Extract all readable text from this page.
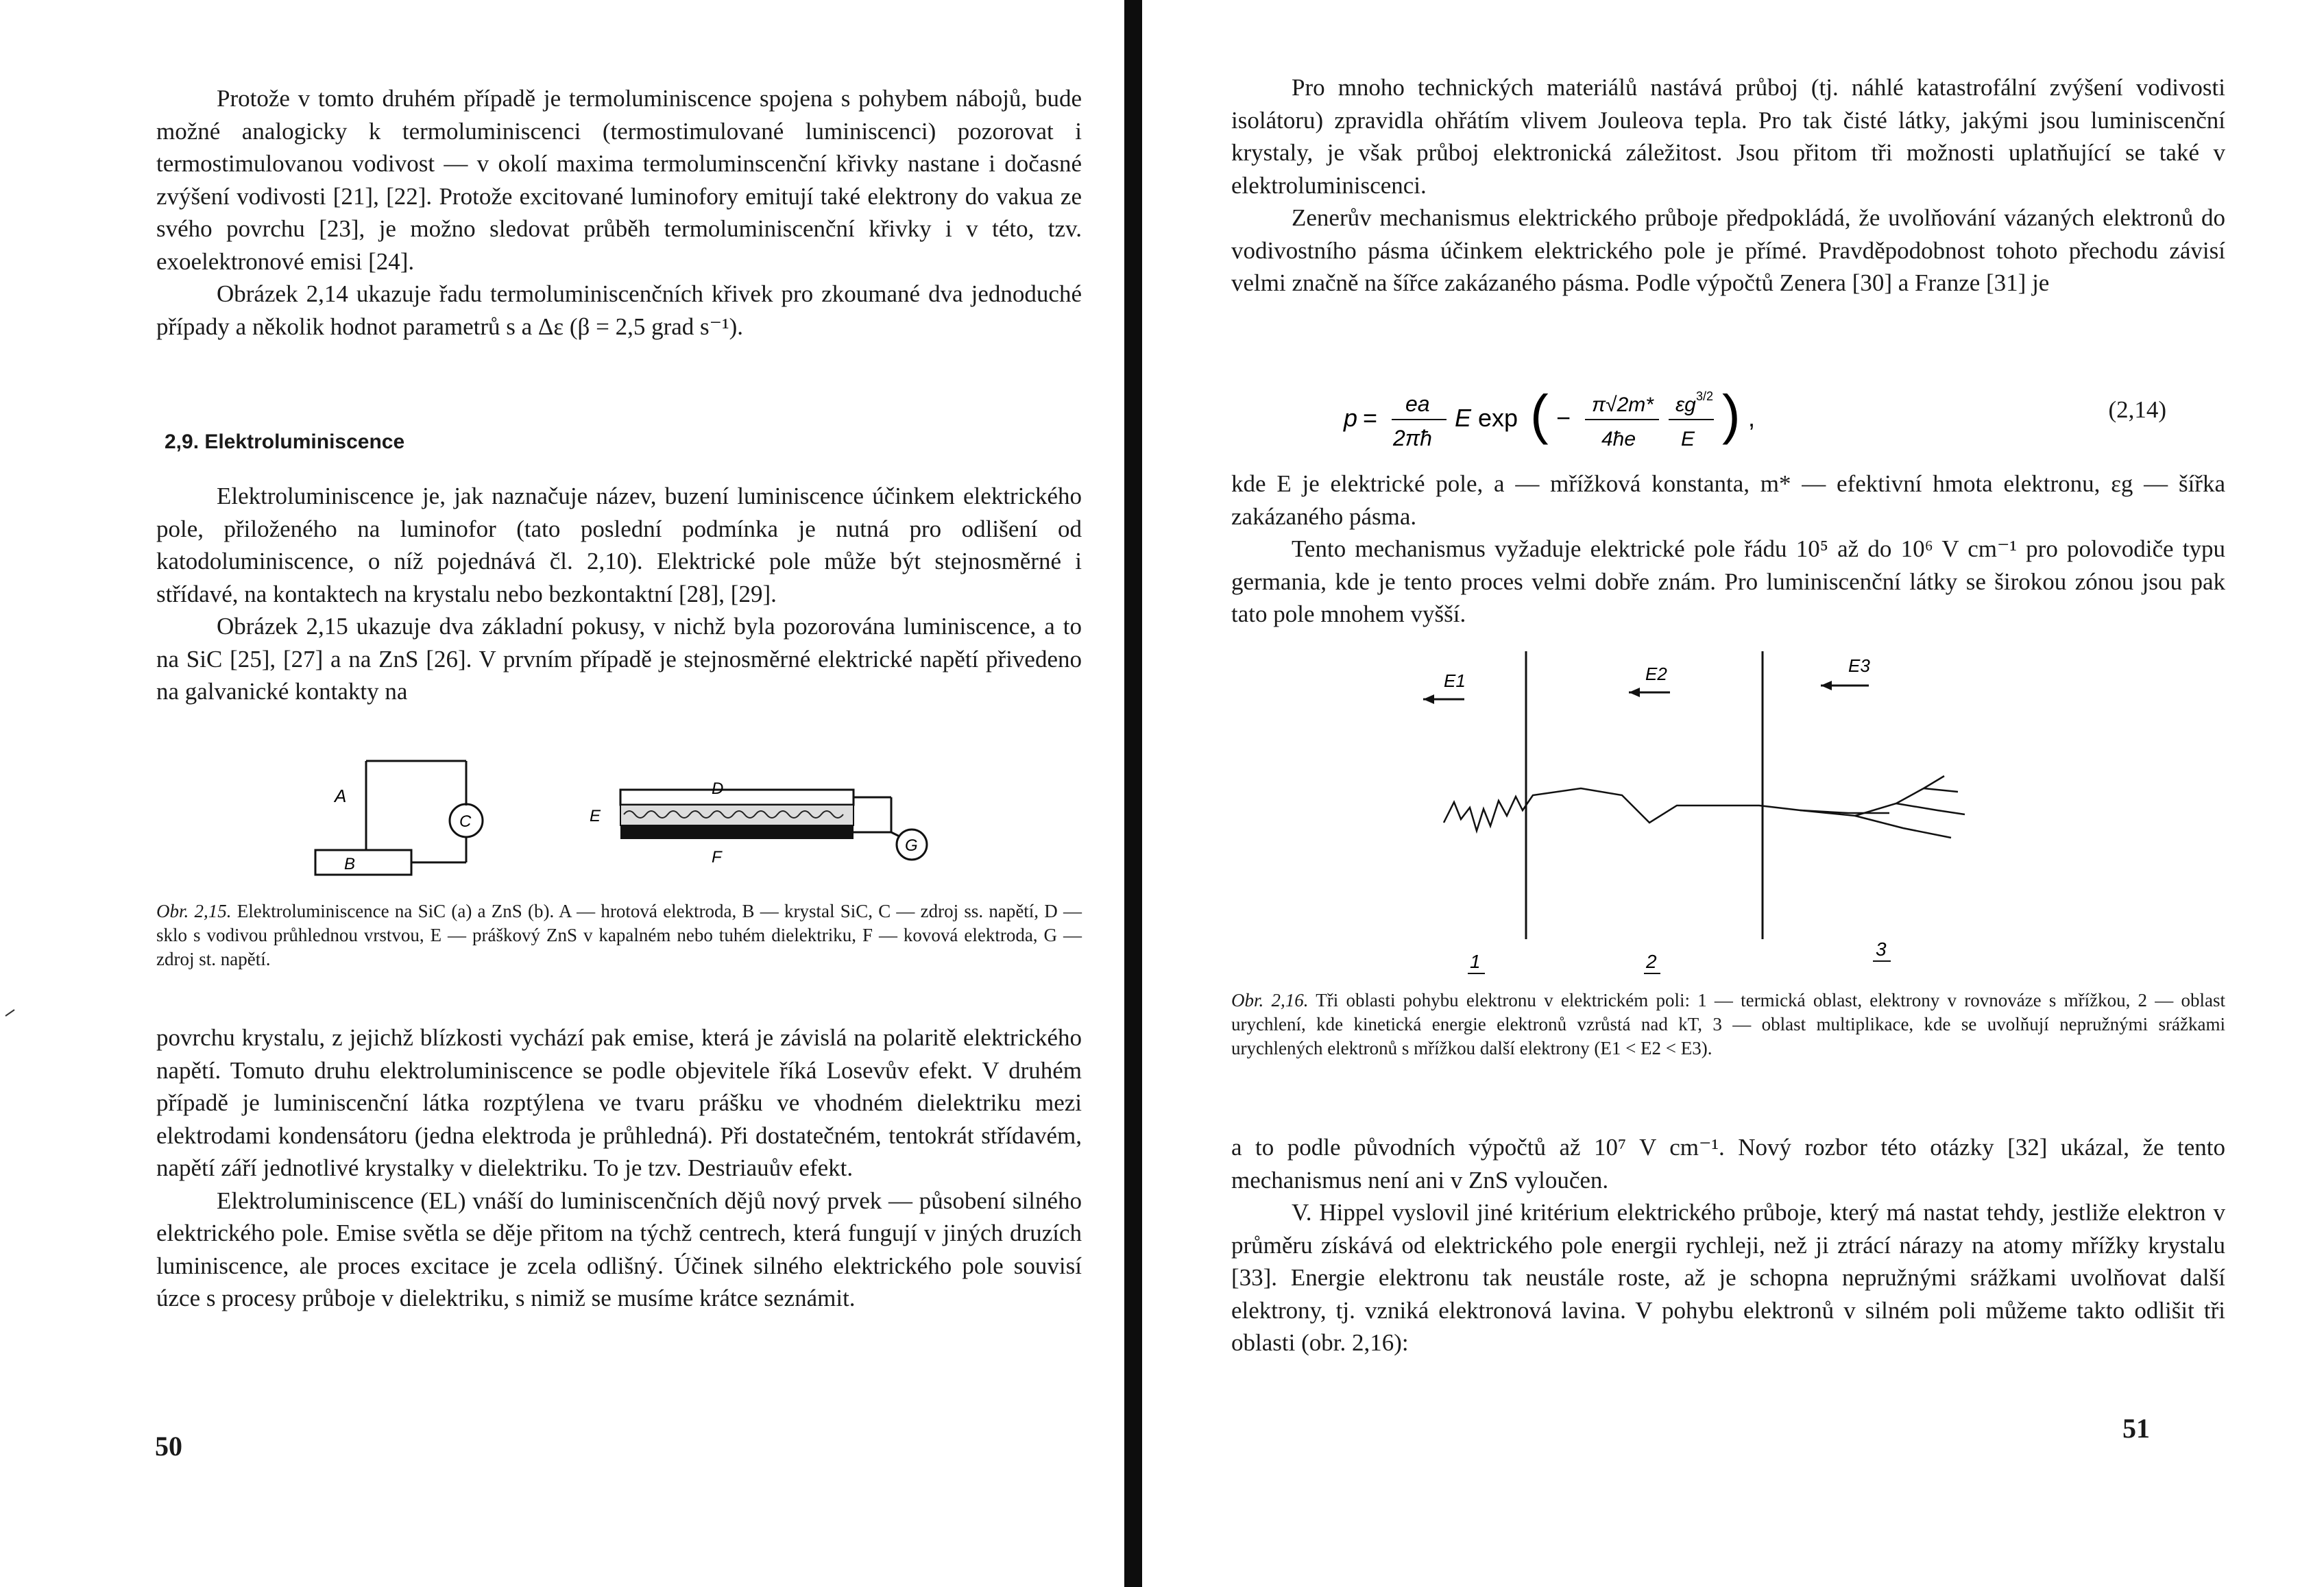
Protože v tomto druhém případě je termoluminiscence spojena s pohybem nábojů, bude možné analogicky k termoluminiscenci (termostimulované luminiscenci) pozorovat i termostimulovanou vodivost — v okolí maxima termoluminscenční křivky nastane i dočasné zvýšení vodivosti [21], [22]. Protože excitované luminofory emitují také elektrony do vakua ze svého povrchu [23], je možno sledovat průběh termoluminiscenční křivky i v této, tzv. exoelektronové emisi [24].

Obrázek 2,14 ukazuje řadu termoluminiscenčních křivek pro zkoumané dva jednoduché případy a několik hodnot parametrů s a Δε (β = 2,5 grad s⁻¹).

2,9. Elektroluminiscence

Elektroluminiscence je, jak naznačuje název, buzení luminiscence účinkem elektrického pole, přiloženého na luminofor (tato poslední podmínka je nutná pro odlišení od katodoluminiscence, o níž pojednává čl. 2,10). Elektrické pole může být stejnosměrné i střídavé, na kontaktech na krystalu nebo bezkontaktní [28], [29].

Obrázek 2,15 ukazuje dva základní pokusy, v nichž byla pozorována luminiscence, a to na SiC [25], [27] a na ZnS [26]. V prvním případě je stejnosměrné elektrické napětí přivedeno na galvanické kontakty na

A
B
C
D
E
F
G

Obr. 2,15. Elektroluminiscence na SiC (a) a ZnS (b). A — hrotová elektroda, B — krystal SiC, C — zdroj ss. napětí, D — sklo s vodivou průhlednou vrstvou, E — práškový ZnS v kapalném nebo tuhém dielektriku, F — kovová elektroda, G — zdroj st. napětí.

povrchu krystalu, z jejichž blízkosti vychází pak emise, která je závislá na polaritě elektrického napětí. Tomuto druhu elektroluminiscence se podle objevitele říká Losevův efekt. V druhém případě je luminiscenční látka rozptýlena ve tvaru prášku ve vhodném dielektriku mezi elektrodami kondensátoru (jedna elektroda je průhledná). Při dostatečném, tentokrát střídavém, napětí září jednotlivé krystalky v dielektriku. To je tzv. Destriauův efekt.

Elektroluminiscence (EL) vnáší do luminiscenčních dějů nový prvek — působení silného elektrického pole. Emise světla se děje přitom na týchž centrech, která fungují v jiných druzích luminiscence, ale proces excitace je zcela odlišný. Účinek silného elektrického pole souvisí úzce s procesy průboje v dielektriku, s nimiž se musíme krátce seznámit.

50

Pro mnoho technických materiálů nastává průboj (tj. náhlé katastrofální zvýšení vodivosti isolátoru) zpravidla ohřátím vlivem Jouleova tepla. Pro tak čisté látky, jakými jsou luminiscenční krystaly, je však průboj elektronická záležitost. Jsou přitom tři možnosti uplatňující se také v elektroluminiscenci.

Zenerův mechanismus elektrického průboje předpokládá, že uvolňování vázaných elektronů do vodivostního pásma účinkem elektrického pole je přímé. Pravděpodobnost tohoto přechodu závisí velmi značně na šířce zakázaného pásma. Podle výpočtů Zenera [30] a Franze [31] je

p = ea
2πħ
E exp ( − π√2m*
4ħe
εg 3/2
E ) ,	(2,14)

kde E je elektrické pole, a — mřížková konstanta, m* — efektivní hmota elektronu, εg — šířka zakázaného pásma.

Tento mechanismus vyžaduje elektrické pole řádu 10⁵ až do 10⁶ V cm⁻¹ pro polovodiče typu germania, kde je tento proces velmi dobře znám. Pro luminiscenční látky se širokou zónou jsou pak tato pole mnohem vyšší.

E1	E2	E3
1	2
3

Obr. 2,16. Tři oblasti pohybu elektronu v elektrickém poli: 1 — termická oblast, elektrony v rovnováze s mřížkou, 2 — oblast urychlení, kde kinetická energie elektronů vzrůstá nad kT, 3 — oblast multiplikace, kde se uvolňují nepružnými srážkami urychlených elektronů s mřížkou další elektrony (E1 < E2 < E3).

a to podle původních výpočtů až 10⁷ V cm⁻¹. Nový rozbor této otázky [32] ukázal, že tento mechanismus není ani v ZnS vyloučen.

V. Hippel vyslovil jiné kritérium elektrického průboje, který má nastat tehdy, jestliže elektron v průměru získává od elektrického pole energii rychleji, než ji ztrácí nárazy na atomy mřížky krystalu [33]. Energie elektronu tak neustále roste, až je schopna nepružnými srážkami uvolňovat další elektrony, tj. vzniká elektronová lavina. V pohybu elektronů v silném poli můžeme takto odlišit tři oblasti (obr. 2,16):

51
